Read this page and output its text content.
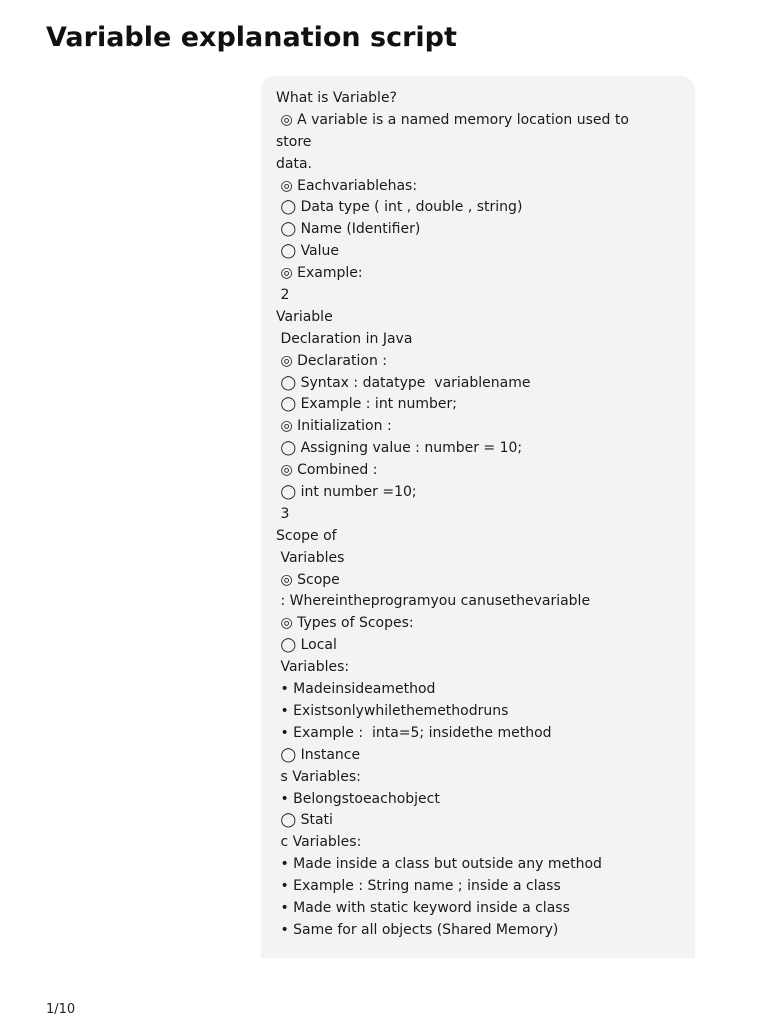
Variable explanation script
What is Variable?
◎ A variable is a named memory location used to
store
data.
◎ Eachvariablehas:
◯ Data type ( int , double , string)
◯ Name (Identifier)
◯ Value
◎ Example:
2
Variable
Declaration in Java
◎ Declaration :
◯ Syntax : datatype  variablename
◯ Example : int number;
◎ Initialization :
◯ Assigning value : number = 10;
◎ Combined :
◯ int number =10;
3
Scope of
Variables
◎ Scope
: Whereintheprogramyou canusethevariable
◎ Types of Scopes:
◯ Local
Variables:
• Madeinsideamethod
• Existsonlywhilethemethodruns
• Example :  inta=5; insidethe method
◯ Instance
s Variables:
• Belongstoeachobject
◯ Stati
c Variables:
• Made inside a class but outside any method
• Example : String name ; inside a class
• Made with static keyword inside a class
• Same for all objects (Shared Memory)
1/10
